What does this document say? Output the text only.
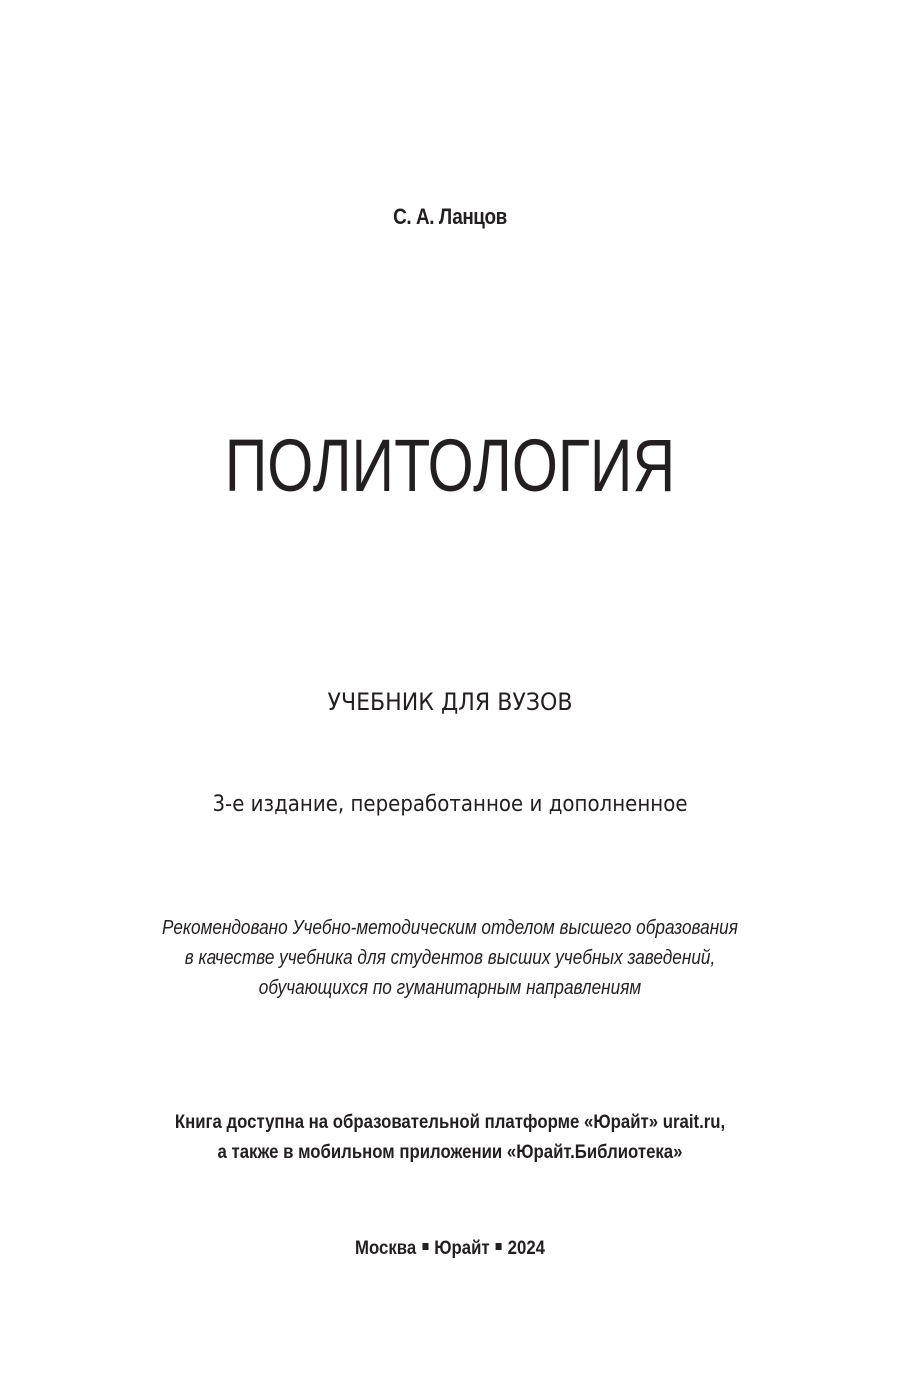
С. А. Ланцов
ПОЛИТОЛОГИЯ
УЧЕБНИК ДЛЯ ВУЗОВ
3-е издание, переработанное и дополненное
Рекомендовано Учебно-методическим отделом высшего образования
в качестве учебника для студентов высших учебных заведений,
обучающихся по гуманитарным направлениям
Книга доступна на образовательной платформе «Юрайт» urait.ru,
а также в мобильном приложении «Юрайт.Библиотека»
Москва Юрайт 2024
